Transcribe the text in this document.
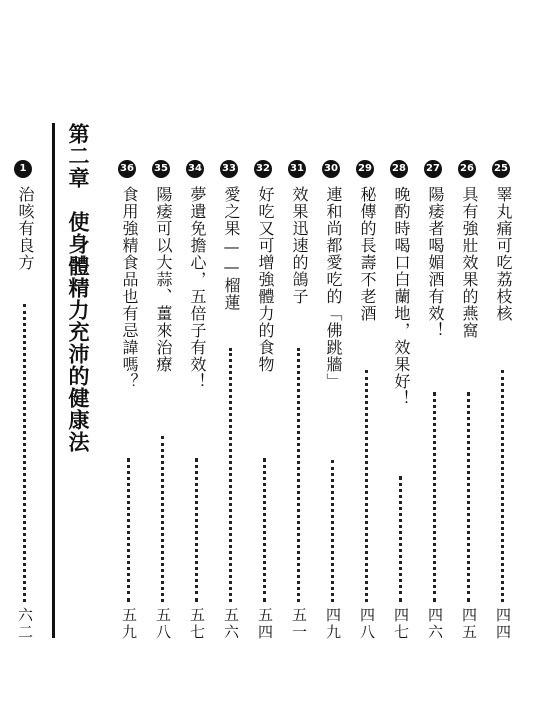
第二章　使身體精力充沛的健康法	25
睪丸痛可吃荔枝核
四四
26
具有強壯效果的燕窩
四五
27
陽痿者喝媚酒有效！
四六
28
晚酌時喝口白蘭地，效果好！
四七
29
秘傳的長壽不老酒
四八
30
連和尚都愛吃的「佛跳牆」
四九
31
效果迅速的鴿子
五一
32
好吃又可增強體力的食物
五四
33
愛之果——榴蓮
五六
34
夢遺免擔心，五倍子有效！
五七
35
陽痿可以大蒜、薑來治療
五八
36
食用強精食品也有忌諱嗎？
五九
1
治咳有良方
六二
